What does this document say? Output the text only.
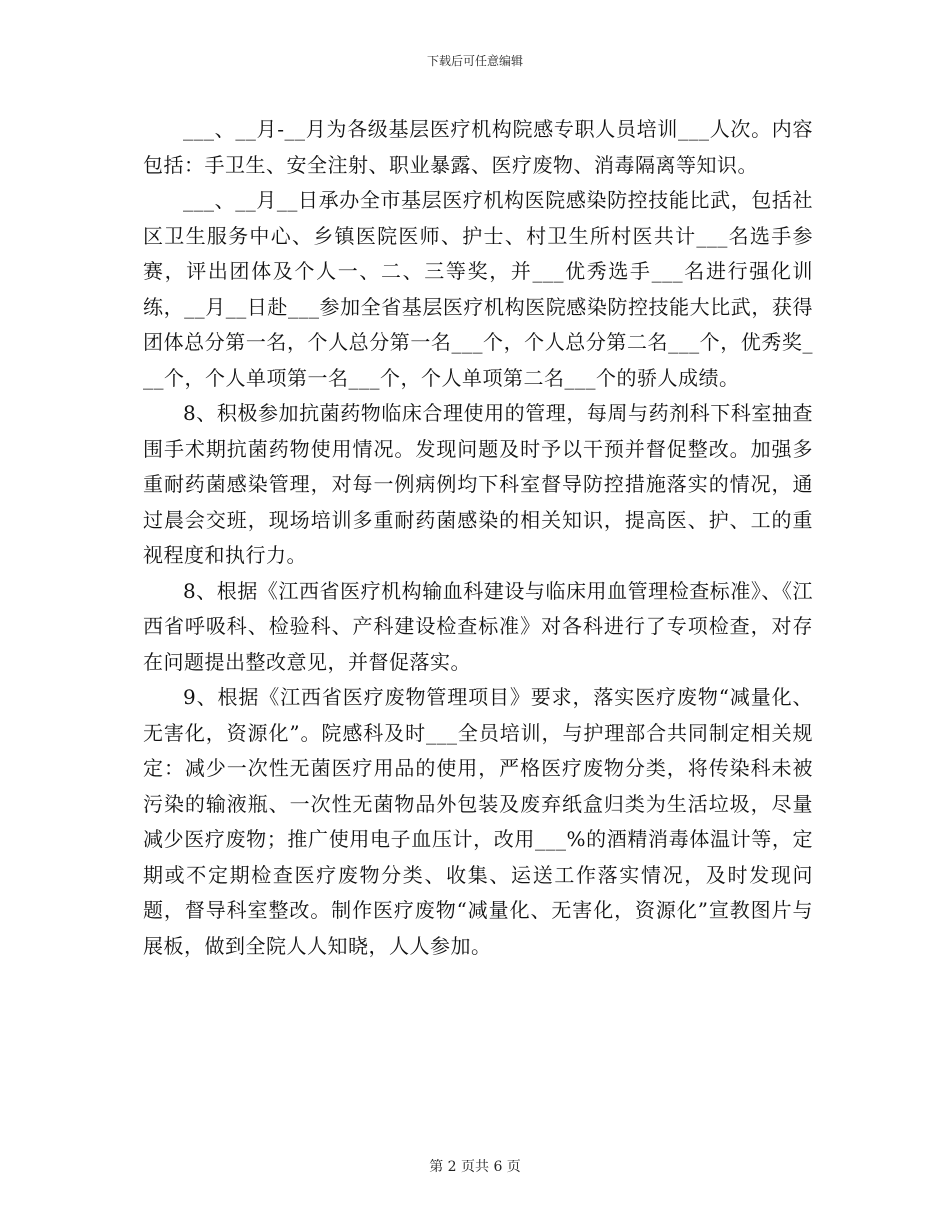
下载后可任意编辑

___、__月-__月为各级基层医疗机构院感专职人员培训___人次。内容包括：手卫生、安全注射、职业暴露、医疗废物、消毒隔离等知识。

___、__月__日承办全市基层医疗机构医院感染防控技能比武，包括社区卫生服务中心、乡镇医院医师、护士、村卫生所村医共计___名选手参赛，评出团体及个人一、二、三等奖，并___优秀选手___名进行强化训练，__月__日赴___参加全省基层医疗机构医院感染防控技能大比武，获得团体总分第一名，个人总分第一名___个，个人总分第二名___个，优秀奖___个，个人单项第一名___个，个人单项第二名___个的骄人成绩。

8、积极参加抗菌药物临床合理使用的管理，每周与药剂科下科室抽查围手术期抗菌药物使用情况。发现问题及时予以干预并督促整改。加强多重耐药菌感染管理，对每一例病例均下科室督导防控措施落实的情况，通过晨会交班，现场培训多重耐药菌感染的相关知识，提高医、护、工的重视程度和执行力。

8、根据《江西省医疗机构输血科建设与临床用血管理检查标准》、《江西省呼吸科、检验科、产科建设检查标准》对各科进行了专项检查，对存在问题提出整改意见，并督促落实。

9、根据《江西省医疗废物管理项目》要求，落实医疗废物“减量化、无害化，资源化”。院感科及时___全员培训，与护理部合共同制定相关规定：减少一次性无菌医疗用品的使用，严格医疗废物分类，将传染科未被污染的输液瓶、一次性无菌物品外包装及废弃纸盒归类为生活垃圾，尽量减少医疗废物；推广使用电子血压计，改用___%的酒精消毒体温计等，定期或不定期检查医疗废物分类、收集、运送工作落实情况，及时发现问题，督导科室整改。制作医疗废物“减量化、无害化，资源化”宣教图片与展板，做到全院人人知晓，人人参加。

第 2 页共 6 页
